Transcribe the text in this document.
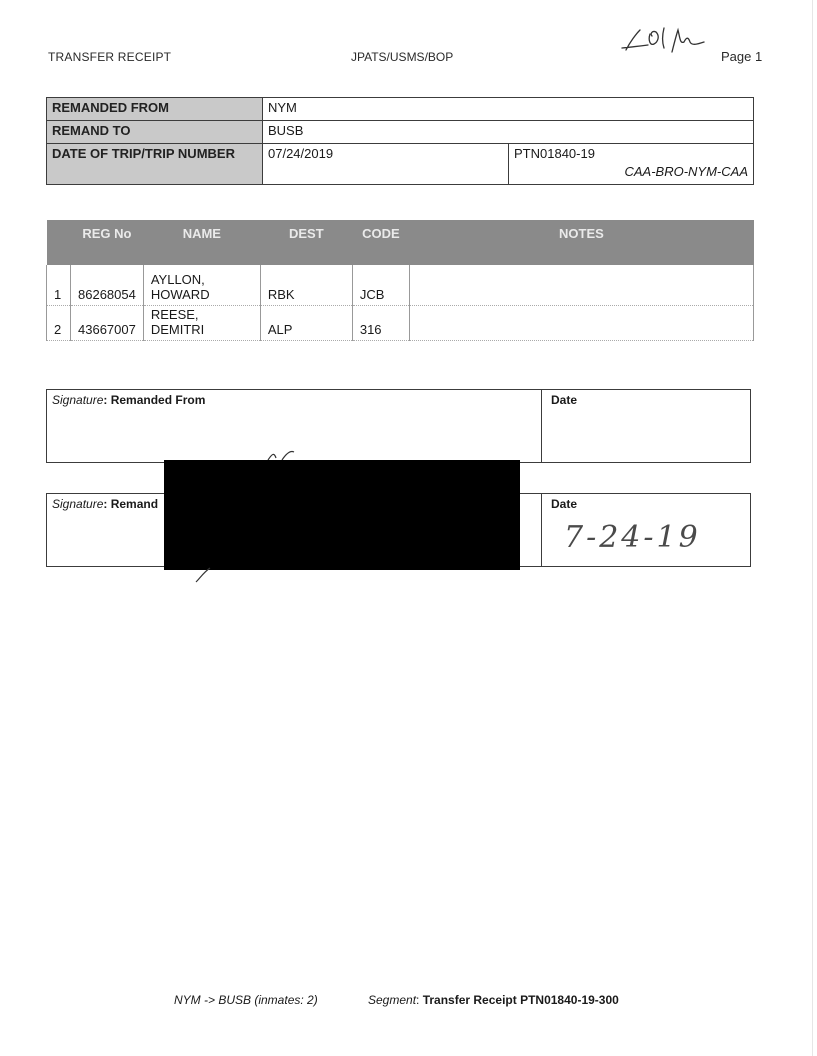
TRANSFER RECEIPT	JPATS/USMS/BOP	Page 1
REMANDED FROM	NYM	
REMAND TO	BUSB	
DATE OF TRIP/TRIP NUMBER	07/24/2019	PTN01840-19
CAA-BRO-NYM-CAA
	REG No	NAME	DEST	CODE	NOTES

1	86268054	AYLLON, HOWARD	RBK	JCB	
2	43667007	REESE, DEMITRI	ALP	316	
Signature: Remanded From	Date
Signature: Remand	Date
7-24-19
NYM -> BUSB (inmates: 2)	Segment: Transfer Receipt PTN01840-19-300
